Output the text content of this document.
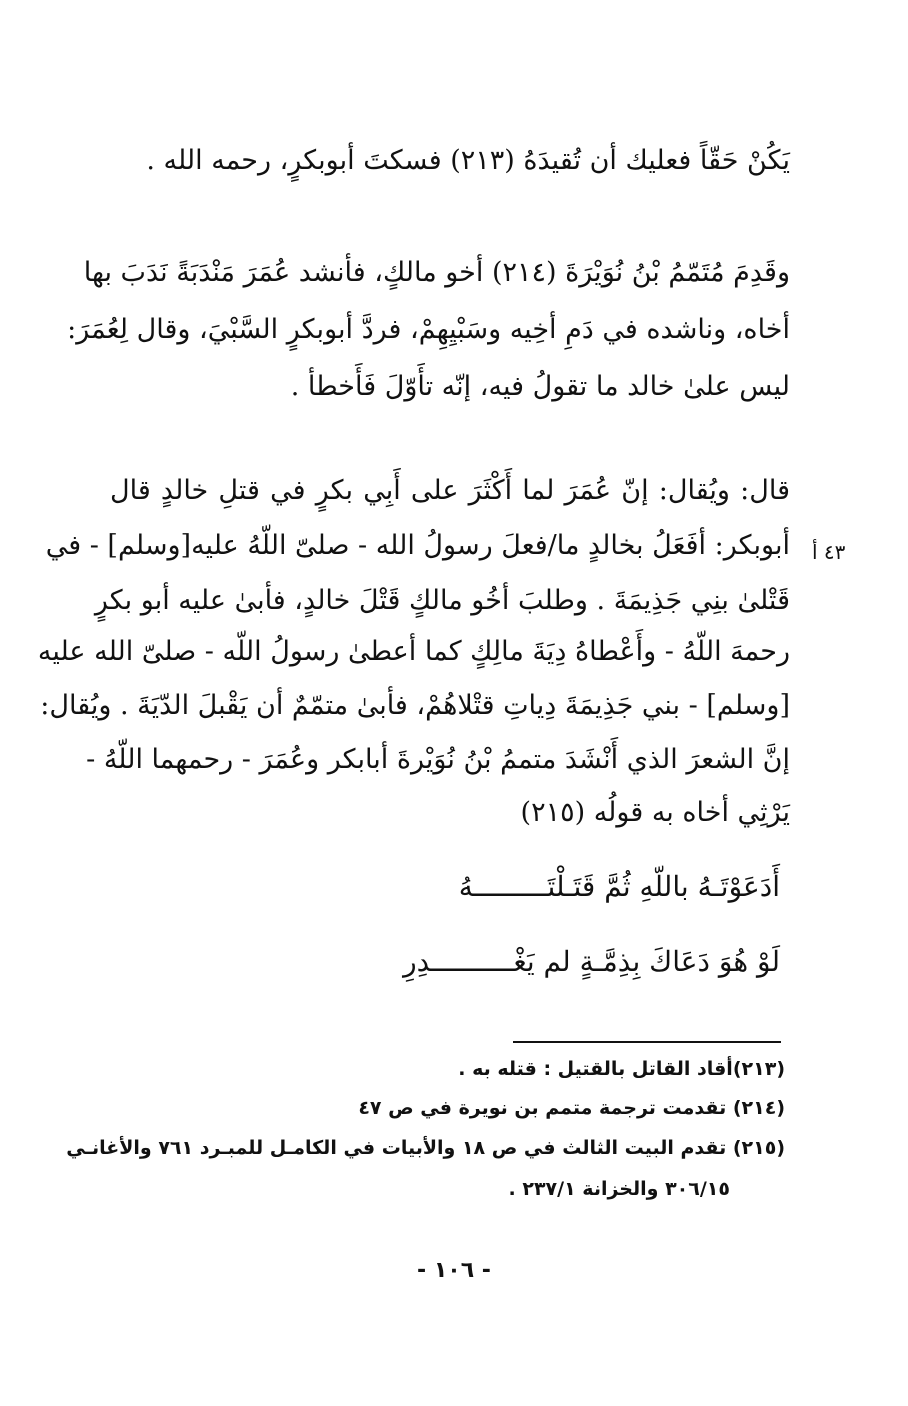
يَكُنْ حَقّاً فعليك أن تُقيدَهُ (٢١٣) فسكتَ أبوبكرٍ، رحمه الله .
وقَدِمَ مُتَمّمُ بْنُ نُوَيْرَةَ (٢١٤) أخو مالكٍ، فأنشد عُمَرَ مَنْدَبَةً نَدَبَ بها
أخاه، وناشده في دَمِ أخِيه وسَبْيِهِمْ، فردَّ أبوبكرٍ السَّبْيَ، وقال لِعُمَرَ:
ليس علىٰ خالد ما تقولُ فيه، إنّه تأَوّلَ فَأَخطأ .
قال: ويُقال: إنّ عُمَرَ لما أَكْثَرَ على أَبِي بكرٍ في قتلِ خالدٍ قال
أبوبكر: أفَعَلُ بخالدٍ ما/فعلَ رسولُ الله - صلىّ اللّهُ عليه[وسلم] - في
قَتْلىٰ بنِي جَذِيمَةَ . وطلبَ أخُو مالكٍ قَتْلَ خالدٍ، فأبىٰ عليه أبو بكرٍ
رحمهَ اللّهُ - وأَعْطاهُ دِيَةَ مالِكٍ كما أعطىٰ رسولُ اللّه - صلىّ الله عليه
[وسلم] - بني جَذِيمَةَ دِياتِ قتْلاهُمْ، فأبىٰ متمّمٌ أن يَقْبلَ الدّيَةَ . ويُقال:
إنَّ الشعرَ الذي أَنْشَدَ متممُ بْنُ نُوَيْرةَ أبابكر وعُمَرَ - رحمهما اللّهُ -
يَرْثِي أخاه به قولُه (٢١٥)
٤٣ أ
أَدَعَوْتَـهُ باللّهِ ثُمَّ قَتَـلْتَـــــــــهُ
لَوْ هُوَ دَعَاكَ بِذِمَّـةٍ لم يَغْــــــــــدِرِ
(٢١٣)أقاد القاتل بالقتيل : قتله به .
(٢١٤) تقدمت ترجمة متمم بن نويرة في ص ٤٧
(٢١٥) تقدم البيت الثالث في ص ١٨ والأبيات في الكامـل للمبـرد ٧٦١ والأغانـي
٣٠٦/١٥ والخزانة ٢٣٧/١ .
- ١٠٦ -
